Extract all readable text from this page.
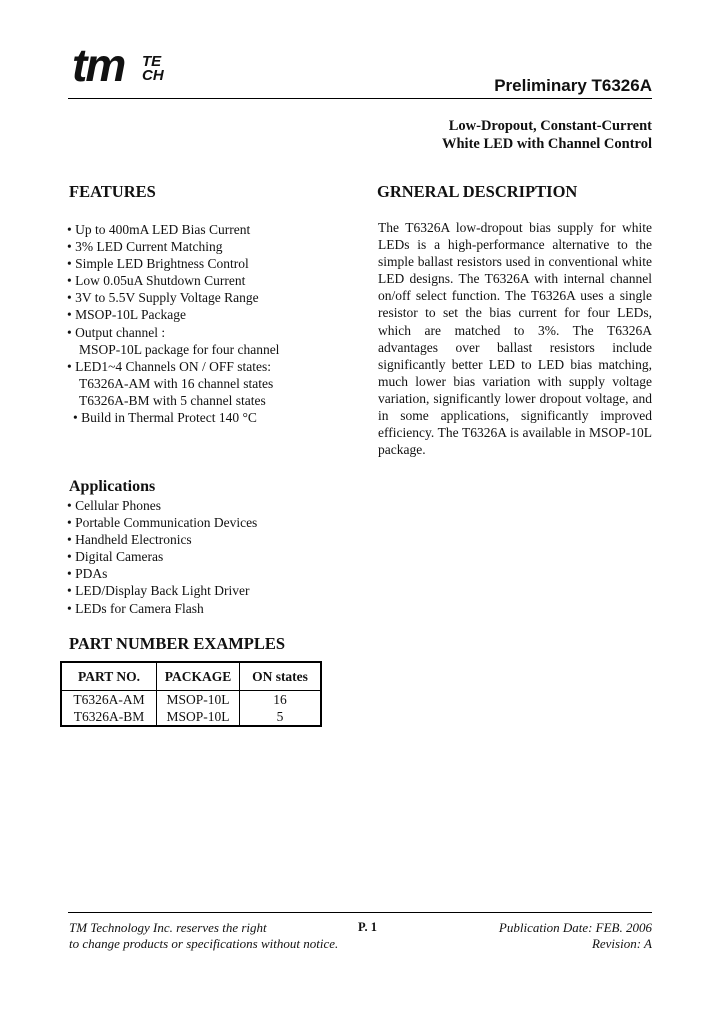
tm TE
CH
Preliminary T6326A
Low-Dropout, Constant-Current
White LED with Channel Control
FEATURES
• Up to 400mA LED Bias Current
• 3% LED Current Matching
• Simple LED Brightness Control
• Low 0.05uA Shutdown Current
• 3V to 5.5V Supply Voltage Range
• MSOP-10L Package
• Output channel :
MSOP-10L package for four channel
• LED1~4 Channels ON / OFF states:
T6326A-AM with 16 channel states
T6326A-BM with 5 channel states
• Build in Thermal Protect 140 °C
GRNERAL DESCRIPTION
The T6326A low-dropout bias supply for white LEDs is a high-performance alternative to the simple ballast resistors used in conventional white LED designs. The T6326A with internal channel on/off select function. The T6326A uses a single resistor to set the bias current for four LEDs, which are matched to 3%. The T6326A advantages over ballast resistors include significantly better LED to LED bias matching, much lower bias variation with supply voltage variation, significantly lower dropout voltage, and in some applications, significantly improved efficiency. The T6326A is available in MSOP-10L package.
Applications
• Cellular Phones
• Portable Communication Devices
• Handheld Electronics
• Digital Cameras
• PDAs
• LED/Display Back Light Driver
• LEDs for Camera Flash
PART NUMBER EXAMPLES
PART NO.	PACKAGE	ON states
T6326A-AM	MSOP-10L	16
T6326A-BM	MSOP-10L	5
TM Technology Inc. reserves the right
to change products or specifications without notice.
P. 1	Publication Date: FEB. 2006
Revision: A
